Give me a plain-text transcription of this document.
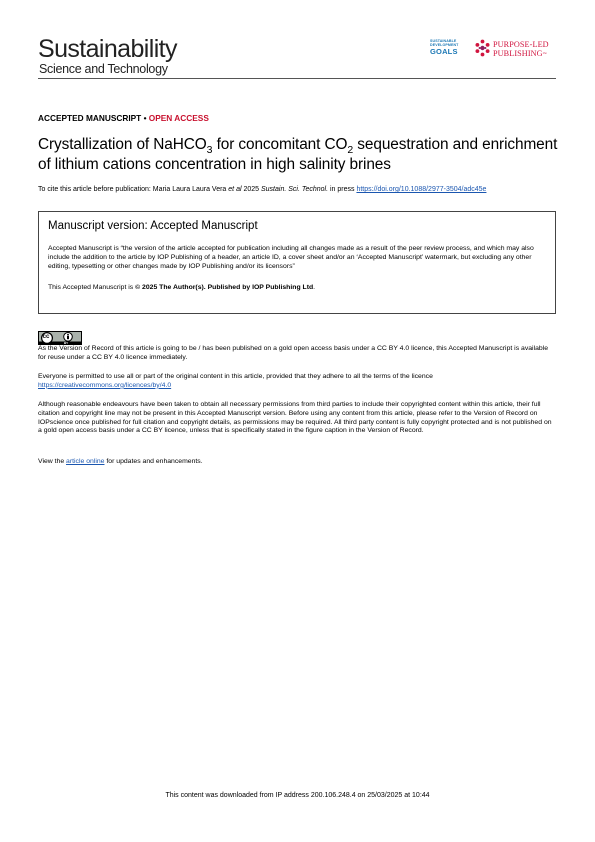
Sustainability
Science and Technology
SUSTAINABLE
DEVELOPMENT
GOALS
PURPOSE-LED
PUBLISHING™
ACCEPTED MANUSCRIPT • OPEN ACCESS
Crystallization of NaHCO$_3$ for concomitant $CO_2$ sequestration and enrichment of lithium cations concentration in high salinity brines
To cite this article before publication: Maria Laura Laura Vera et al 2025 Sustain. Sci. Technol. in press https://doi.org/10.1088/2977-3504/adc45e
Manuscript version: Accepted Manuscript
Accepted Manuscript is “the version of the article accepted for publication including all changes made as a result of the peer review process, and which may also include the addition to the article by IOP Publishing of a header, an article ID, a cover sheet and/or an ‘Accepted Manuscript’ watermark, but excluding any other editing, typesetting or other changes made by IOP Publishing and/or its licensors”
This Accepted Manuscript is © 2025 The Author(s). Published by IOP Publishing Ltd.
cc
BY
As the Version of Record of this article is going to be / has been published on a gold open access basis under a CC BY 4.0 licence, this Accepted Manuscript is available for reuse under a CC BY 4.0 licence immediately.
Everyone is permitted to use all or part of the original content in this article, provided that they adhere to all the terms of the licence
https://creativecommons.org/licences/by/4.0
Although reasonable endeavours have been taken to obtain all necessary permissions from third parties to include their copyrighted content within this article, their full citation and copyright line may not be present in this Accepted Manuscript version. Before using any content from this article, please refer to the Version of Record on IOPscience once published for full citation and copyright details, as permissions may be required. All third party content is fully copyright protected and is not published on a gold open access basis under a CC BY licence, unless that is specifically stated in the figure caption in the Version of Record.
View the article online for updates and enhancements.
This content was downloaded from IP address 200.106.248.4 on 25/03/2025 at 10:44
